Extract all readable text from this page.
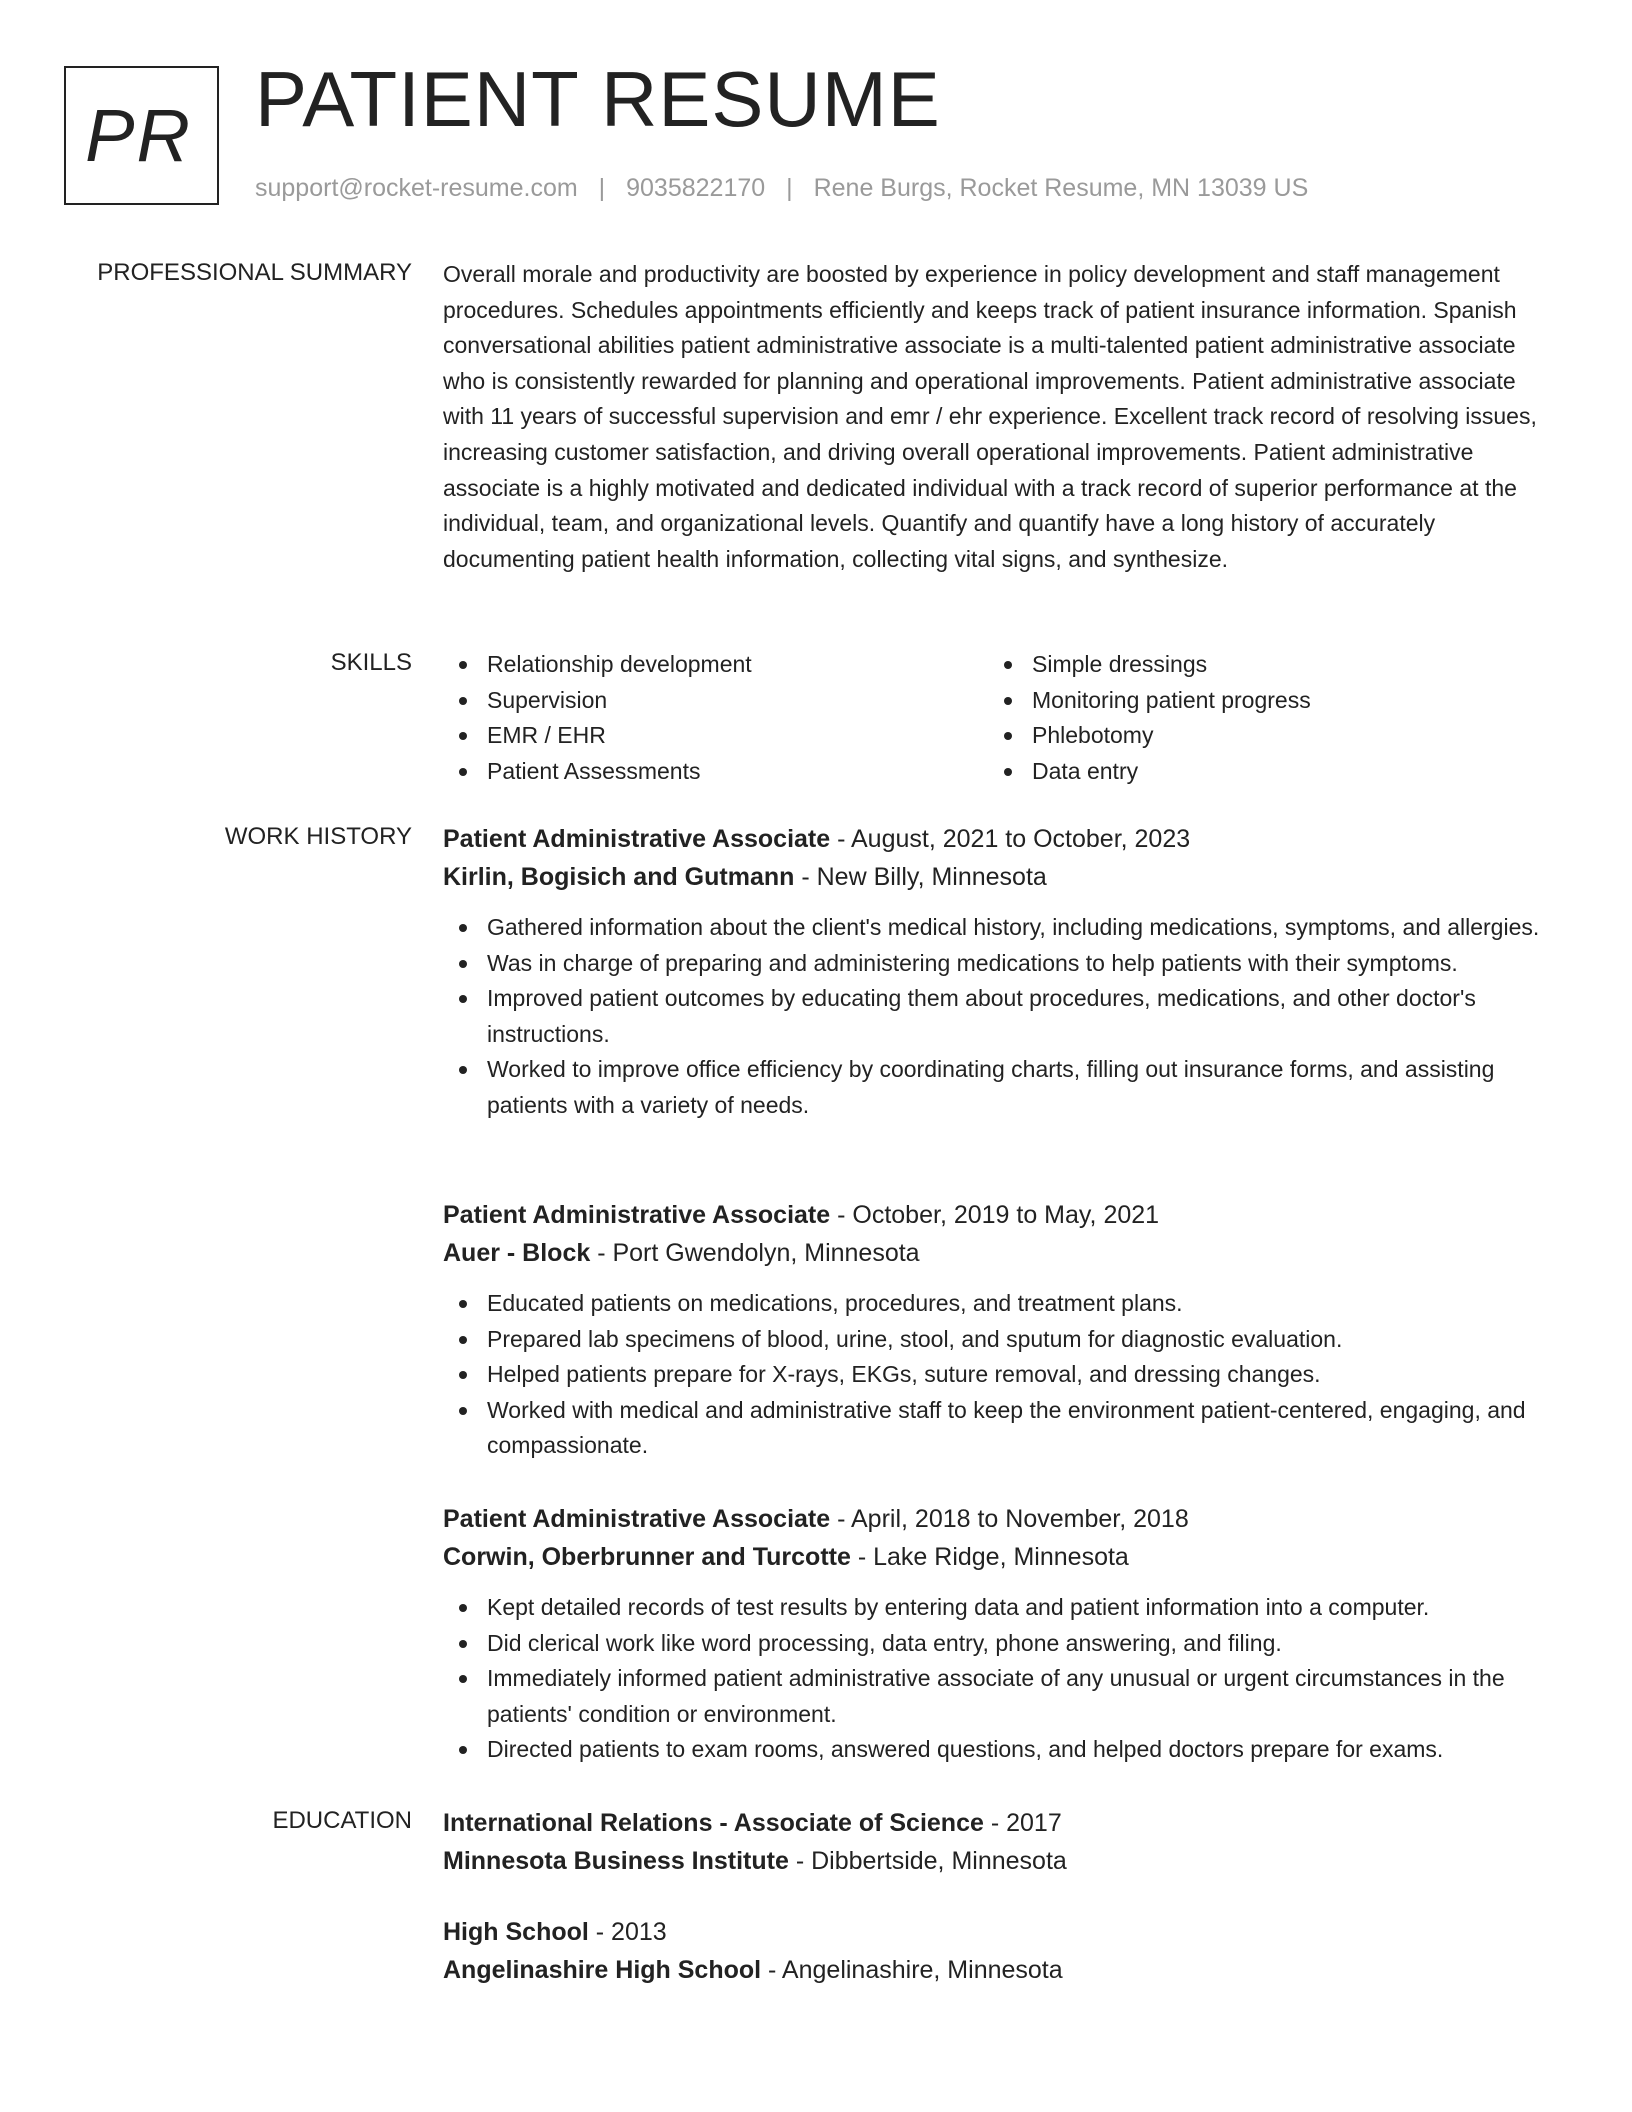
PR PATIENT RESUME
support@rocket-resume.com | 9035822170 | Rene Burgs, Rocket Resume, MN 13039 US
PROFESSIONAL SUMMARY Overall morale and productivity are boosted by experience in policy development and staff management procedures. Schedules appointments efficiently and keeps track of patient insurance information. Spanish conversational abilities patient administrative associate is a multi-talented patient administrative associate who is consistently rewarded for planning and operational improvements. Patient administrative associate with 11 years of successful supervision and emr / ehr experience. Excellent track record of resolving issues, increasing customer satisfaction, and driving overall operational improvements. Patient administrative associate is a highly motivated and dedicated individual with a track record of superior performance at the individual, team, and organizational levels. Quantify and quantify have a long history of accurately documenting patient health information, collecting vital signs, and synthesize.
SKILLS	Relationship development
Supervision
EMR / EHR
Patient Assessments
Simple dressings
Monitoring patient progress
Phlebotomy
Data entry
WORK HISTORY Patient Administrative Associate - August, 2021 to October, 2023
Kirlin, Bogisich and Gutmann - New Billy, Minnesota
Gathered information about the client's medical history, including medications, symptoms, and allergies.
Was in charge of preparing and administering medications to help patients with their symptoms.
Improved patient outcomes by educating them about procedures, medications, and other doctor's instructions.
Worked to improve office efficiency by coordinating charts, filling out insurance forms, and assisting patients with a variety of needs.
Patient Administrative Associate - October, 2019 to May, 2021
Auer - Block - Port Gwendolyn, Minnesota
Educated patients on medications, procedures, and treatment plans.
Prepared lab specimens of blood, urine, stool, and sputum for diagnostic evaluation.
Helped patients prepare for X-rays, EKGs, suture removal, and dressing changes.
Worked with medical and administrative staff to keep the environment patient-centered, engaging, and compassionate.
Patient Administrative Associate - April, 2018 to November, 2018
Corwin, Oberbrunner and Turcotte - Lake Ridge, Minnesota
Kept detailed records of test results by entering data and patient information into a computer.
Did clerical work like word processing, data entry, phone answering, and filing.
Immediately informed patient administrative associate of any unusual or urgent circumstances in the patients' condition or environment.
Directed patients to exam rooms, answered questions, and helped doctors prepare for exams.
EDUCATION International Relations - Associate of Science - 2017
Minnesota Business Institute - Dibbertside, Minnesota
High School - 2013
Angelinashire High School - Angelinashire, Minnesota
